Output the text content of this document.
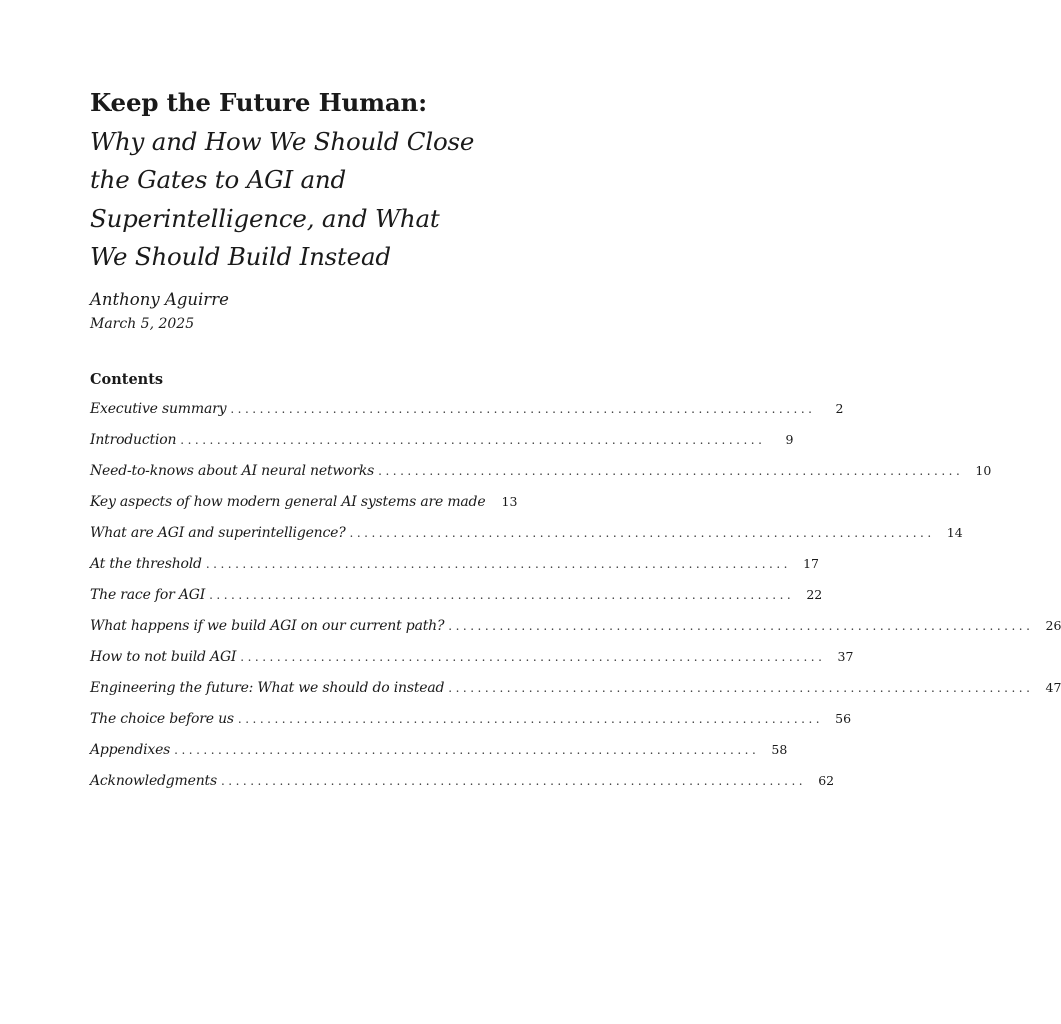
Keep the Future Human: Why and How We Should Close the Gates to AGI and Superintelligence, and What We Should Build Instead
Anthony Aguirre
March 5, 2025
Contents
Executive summary ................................................................................	2
Introduction ................................................................................	9
Need-to-knows about AI neural networks ................................................................................ 10
Key aspects of how modern general AI systems are made	13
What are AGI and superintelligence? ................................................................................ 14
At the threshold ................................................................................ 17
The race for AGI ................................................................................ 22
What happens if we build AGI on our current path? ................................................................................ 26
How to not build AGI ................................................................................ 37
Engineering the future: What we should do instead ................................................................................ 47
The choice before us ................................................................................ 56
Appendixes ................................................................................ 58
Acknowledgments ................................................................................ 62
